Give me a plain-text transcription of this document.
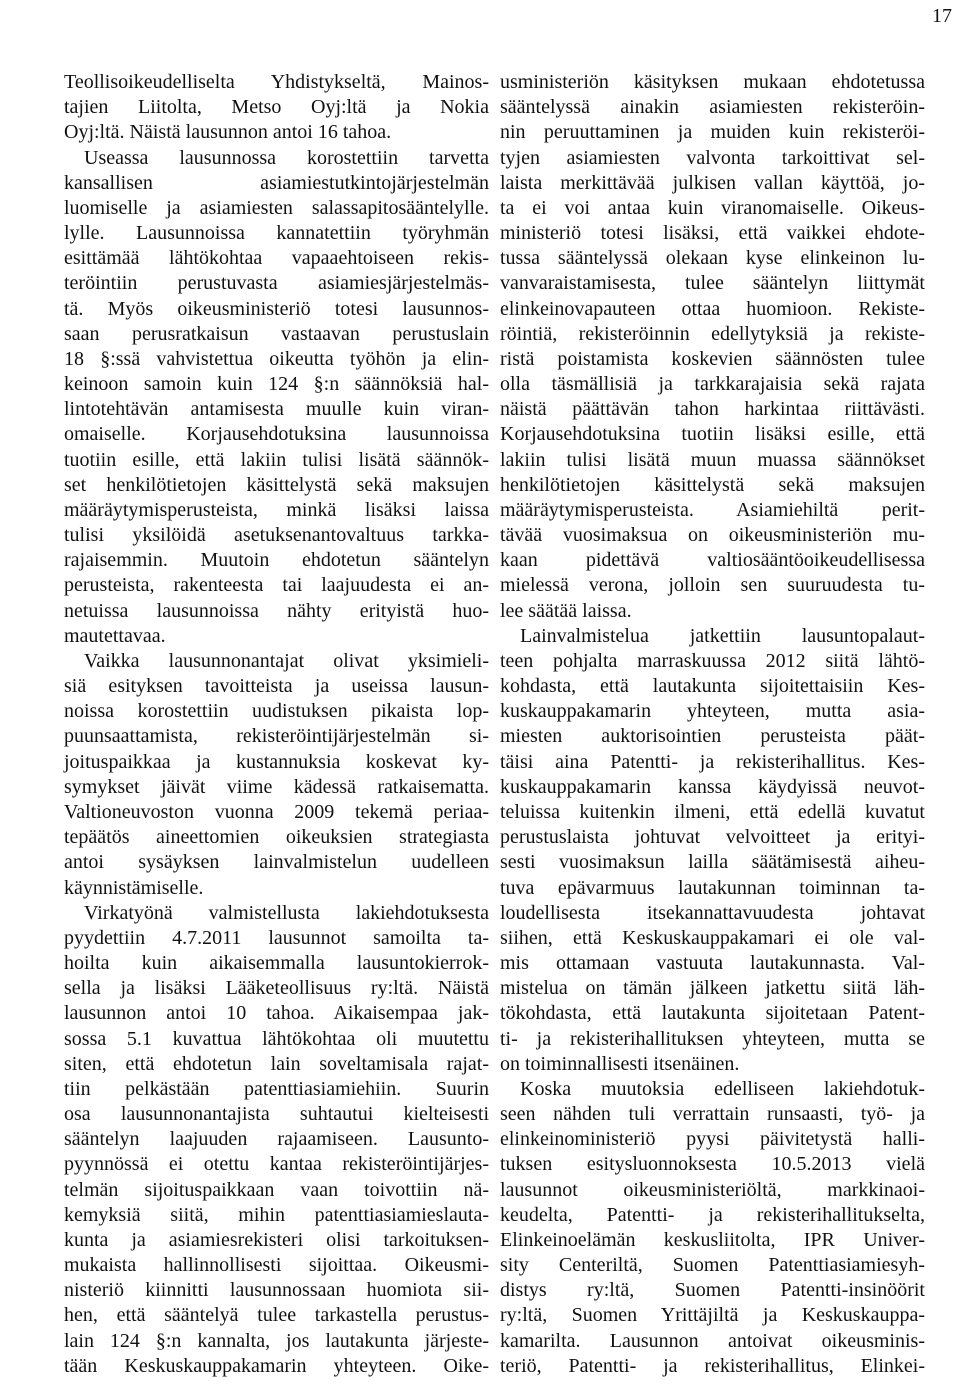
17
Teollisoikeudelliselta Yhdistykseltä, Mainos-
tajien Liitolta, Metso Oyj:ltä ja Nokia
Oyj:ltä. Näistä lausunnon antoi 16 tahoa.
Useassa lausunnossa korostettiin tarvetta
kansallisen asiamiestutkintojärjestelmän
luomiselle ja asiamiesten salassapitosääntelylle.
lylle. Lausunnoissa kannatettiin työryhmän
esittämää lähtökohtaa vapaaehtoiseen rekis-
teröintiin perustuvasta asiamiesjärjestelmäs-
tä. Myös oikeusministeriö totesi lausunnos-
saan perusratkaisun vastaavan perustuslain
18 §:ssä vahvistettua oikeutta työhön ja elin-
keinoon samoin kuin 124 §:n säännöksiä hal-
lintotehtävän antamisesta muulle kuin viran-
omaiselle. Korjausehdotuksina lausunnoissa
tuotiin esille, että lakiin tulisi lisätä säännök-
set henkilötietojen käsittelystä sekä maksujen
määräytymisperusteista, minkä lisäksi laissa
tulisi yksilöidä asetuksenantovaltuus tarkka-
rajaisemmin. Muutoin ehdotetun sääntelyn
perusteista, rakenteesta tai laajuudesta ei an-
netuissa lausunnoissa nähty erityistä huo-
mautettavaa.
Vaikka lausunnonantajat olivat yksimieli-
siä esityksen tavoitteista ja useissa lausun-
noissa korostettiin uudistuksen pikaista lop-
puunsaattamista, rekisteröintijärjestelmän si-
joituspaikkaa ja kustannuksia koskevat ky-
symykset jäivät viime kädessä ratkaisematta.
Valtioneuvoston vuonna 2009 tekemä periaa-
tepäätös aineettomien oikeuksien strategiasta
antoi sysäyksen lainvalmistelun uudelleen
käynnistämiselle.
Virkatyönä valmistellusta lakiehdotuksesta
pyydettiin 4.7.2011 lausunnot samoilta ta-
hoilta kuin aikaisemmalla lausuntokierrok-
sella ja lisäksi Lääketeollisuus ry:ltä. Näistä
lausunnon antoi 10 tahoa. Aikaisempaa jak-
sossa 5.1 kuvattua lähtökohtaa oli muutettu
siten, että ehdotetun lain soveltamisala rajat-
tiin pelkästään patenttiasiamiehiin. Suurin
osa lausunnonantajista suhtautui kielteisesti
sääntelyn laajuuden rajaamiseen. Lausunto-
pyynnössä ei otettu kantaa rekisteröintijärjes-
telmän sijoituspaikkaan vaan toivottiin nä-
kemyksiä siitä, mihin patenttiasiamieslauta-
kunta ja asiamiesrekisteri olisi tarkoituksen-
mukaista hallinnollisesti sijoittaa. Oikeusmi-
nisteriö kiinnitti lausunnossaan huomiota sii-
hen, että sääntelyä tulee tarkastella perustus-
lain 124 §:n kannalta, jos lautakunta järjeste-
tään Keskuskauppakamarin yhteyteen. Oike-
usministeriön käsityksen mukaan ehdotetussa
sääntelyssä ainakin asiamiesten rekisteröin-
nin peruuttaminen ja muiden kuin rekisteröi-
tyjen asiamiesten valvonta tarkoittivat sel-
laista merkittävää julkisen vallan käyttöä, jo-
ta ei voi antaa kuin viranomaiselle. Oikeus-
ministeriö totesi lisäksi, että vaikkei ehdote-
tussa sääntelyssä olekaan kyse elinkeinon lu-
vanvaraistamisesta, tulee sääntelyn liittymät
elinkeinovapauteen ottaa huomioon. Rekiste-
röintiä, rekisteröinnin edellytyksiä ja rekiste-
ristä poistamista koskevien säännösten tulee
olla täsmällisiä ja tarkkarajaisia sekä rajata
näistä päättävän tahon harkintaa riittävästi.
Korjausehdotuksina tuotiin lisäksi esille, että
lakiin tulisi lisätä muun muassa säännökset
henkilötietojen käsittelystä sekä maksujen
määräytymisperusteista. Asiamiehiltä perit-
tävää vuosimaksua on oikeusministeriön mu-
kaan pidettävä valtiosääntöoikeudellisessa
mielessä verona, jolloin sen suuruudesta tu-
lee säätää laissa.
Lainvalmistelua jatkettiin lausuntopalaut-
teen pohjalta marraskuussa 2012 siitä lähtö-
kohdasta, että lautakunta sijoitettaisiin Kes-
kuskauppakamarin yhteyteen, mutta asia-
miesten auktorisointien perusteista päät-
täisi aina Patentti- ja rekisterihallitus. Kes-
kuskauppakamarin kanssa käydyissä neuvot-
teluissa kuitenkin ilmeni, että edellä kuvatut
perustuslaista johtuvat velvoitteet ja erityi-
sesti vuosimaksun lailla säätämisestä aiheu-
tuva epävarmuus lautakunnan toiminnan ta-
loudellisesta itsekannattavuudesta johtavat
siihen, että Keskuskauppakamari ei ole val-
mis ottamaan vastuuta lautakunnasta. Val-
mistelua on tämän jälkeen jatkettu siitä läh-
tökohdasta, että lautakunta sijoitetaan Patent-
ti- ja rekisterihallituksen yhteyteen, mutta se
on toiminnallisesti itsenäinen.
Koska muutoksia edelliseen lakiehdotuk-
seen nähden tuli verrattain runsaasti, työ- ja
elinkeinoministeriö pyysi päivitetystä halli-
tuksen esitysluonnoksesta 10.5.2013 vielä
lausunnot oikeusministeriöltä, markkinaoi-
keudelta, Patentti- ja rekisterihallitukselta,
Elinkeinoelämän keskusliitolta, IPR Univer-
sity Centeriltä, Suomen Patenttiasiamiesyh-
distys ry:ltä, Suomen Patentti-insinöörit
ry:ltä, Suomen Yrittäjiltä ja Keskuskauppa-
kamarilta. Lausunnon antoivat oikeusminis-
teriö, Patentti- ja rekisterihallitus, Elinkei-
